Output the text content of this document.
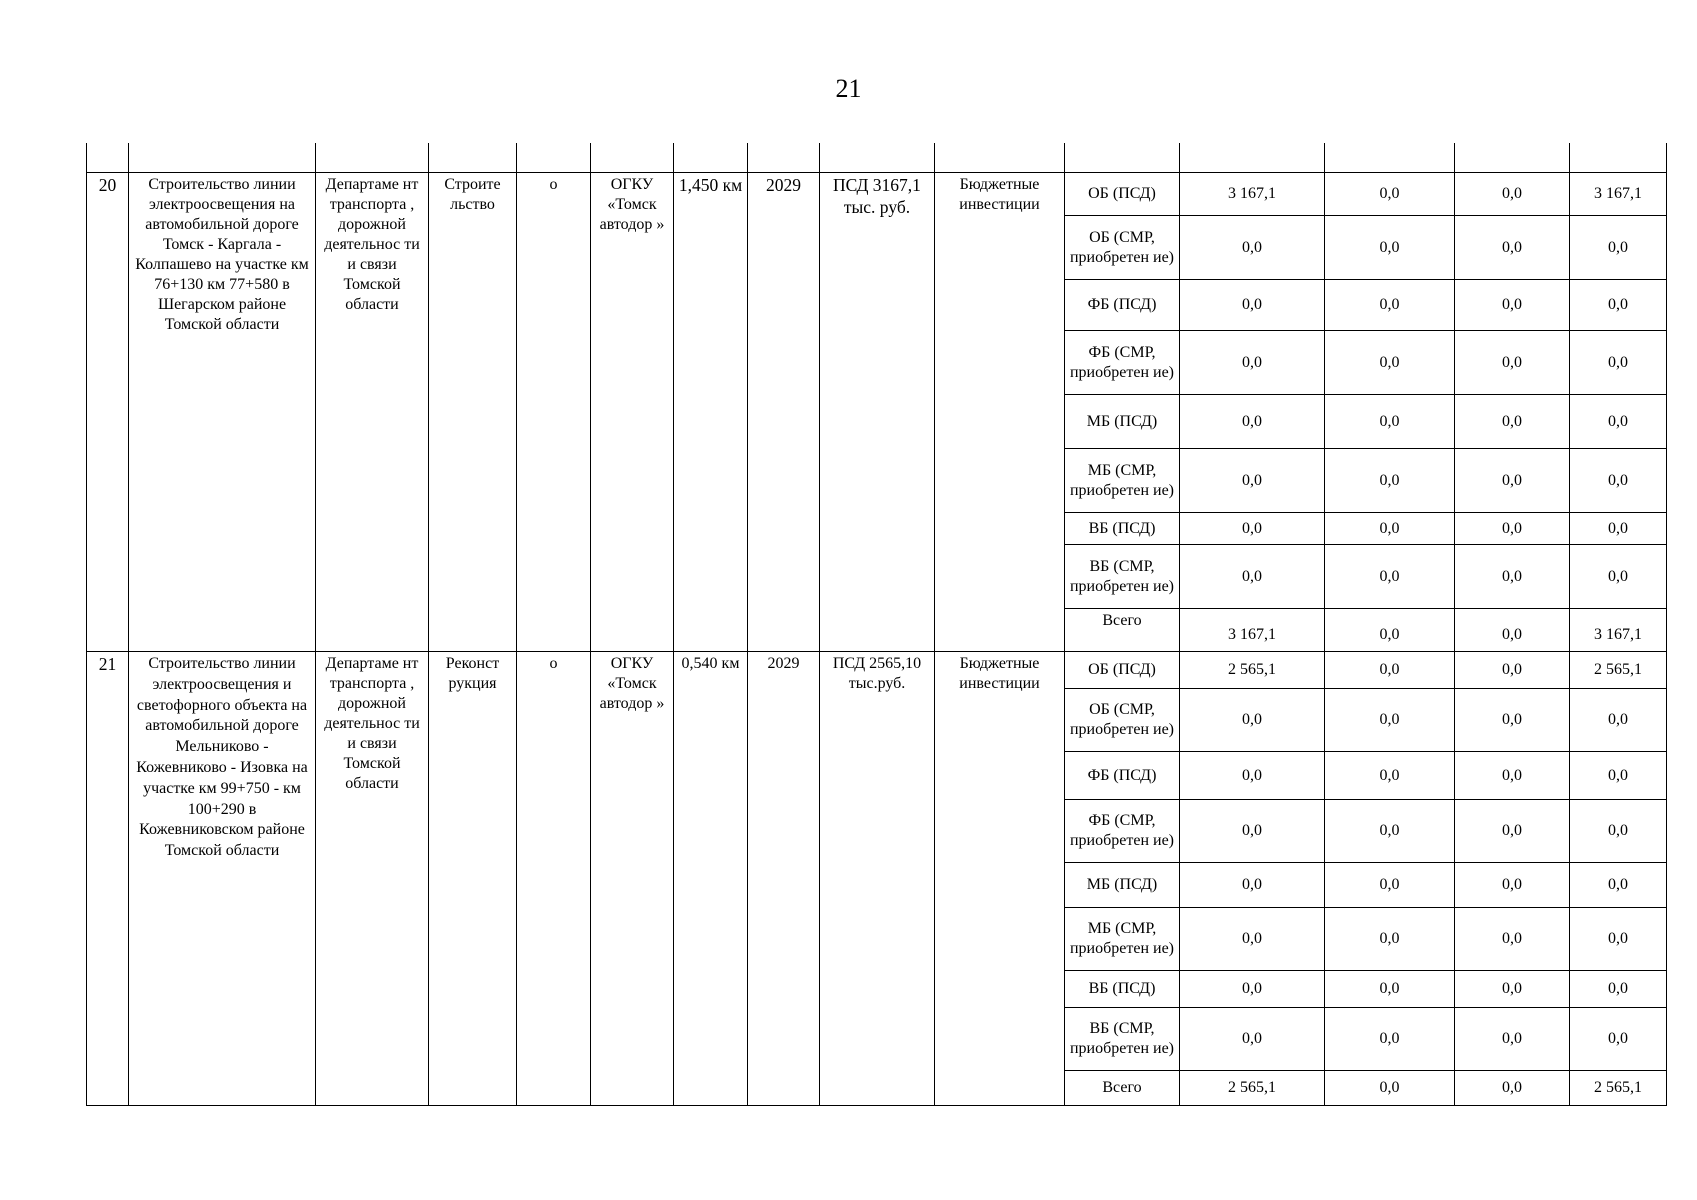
21

20	Строительство линии электроосвещения на автомобильной дороге Томск - Каргала - Колпашево на участке км 76+130 км 77+580 в Шегарском районе Томской области	Департаме нт транспорта , дорожной деятельнос ти и связи Томской области	Строите льство	о	ОГКУ «Томск автодор »	1,450 км	2029	ПСД 3167,1 тыс. руб.	Бюджетные инвестиции	ОБ (ПСД)	3 167,1	0,0	0,0	3 167,1
										ОБ (СМР, приобретен ие)	0,0	0,0	0,0	0,0
										ФБ (ПСД)	0,0	0,0	0,0	0,0
										ФБ (СМР, приобретен ие)	0,0	0,0	0,0	0,0
										МБ (ПСД)	0,0	0,0	0,0	0,0
										МБ (СМР, приобретен ие)	0,0	0,0	0,0	0,0
										ВБ (ПСД)	0,0	0,0	0,0	0,0
										ВБ (СМР, приобретен ие)	0,0	0,0	0,0	0,0
										Всего	3 167,1	0,0	0,0	3 167,1
21	Строительство линии электроосвещения и светофорного объекта на автомобильной дороге Мельниково - Кожевниково - Изовка на участке км 99+750 - км 100+290 в Кожевниковском районе Томской области	Департаме нт транспорта , дорожной деятельнос ти и связи Томской области	Реконст рукция	о	ОГКУ «Томск автодор »	0,540 км	2029	ПСД 2565,10 тыс.руб.	Бюджетные инвестиции	ОБ (ПСД)	2 565,1	0,0	0,0	2 565,1
										ОБ (СМР, приобретен ие)	0,0	0,0	0,0	0,0
										ФБ (ПСД)	0,0	0,0	0,0	0,0
										ФБ (СМР, приобретен ие)	0,0	0,0	0,0	0,0
										МБ (ПСД)	0,0	0,0	0,0	0,0
										МБ (СМР, приобретен ие)	0,0	0,0	0,0	0,0
										ВБ (ПСД)	0,0	0,0	0,0	0,0
										ВБ (СМР, приобретен ие)	0,0	0,0	0,0	0,0
										Всего	2 565,1	0,0	0,0	2 565,1
